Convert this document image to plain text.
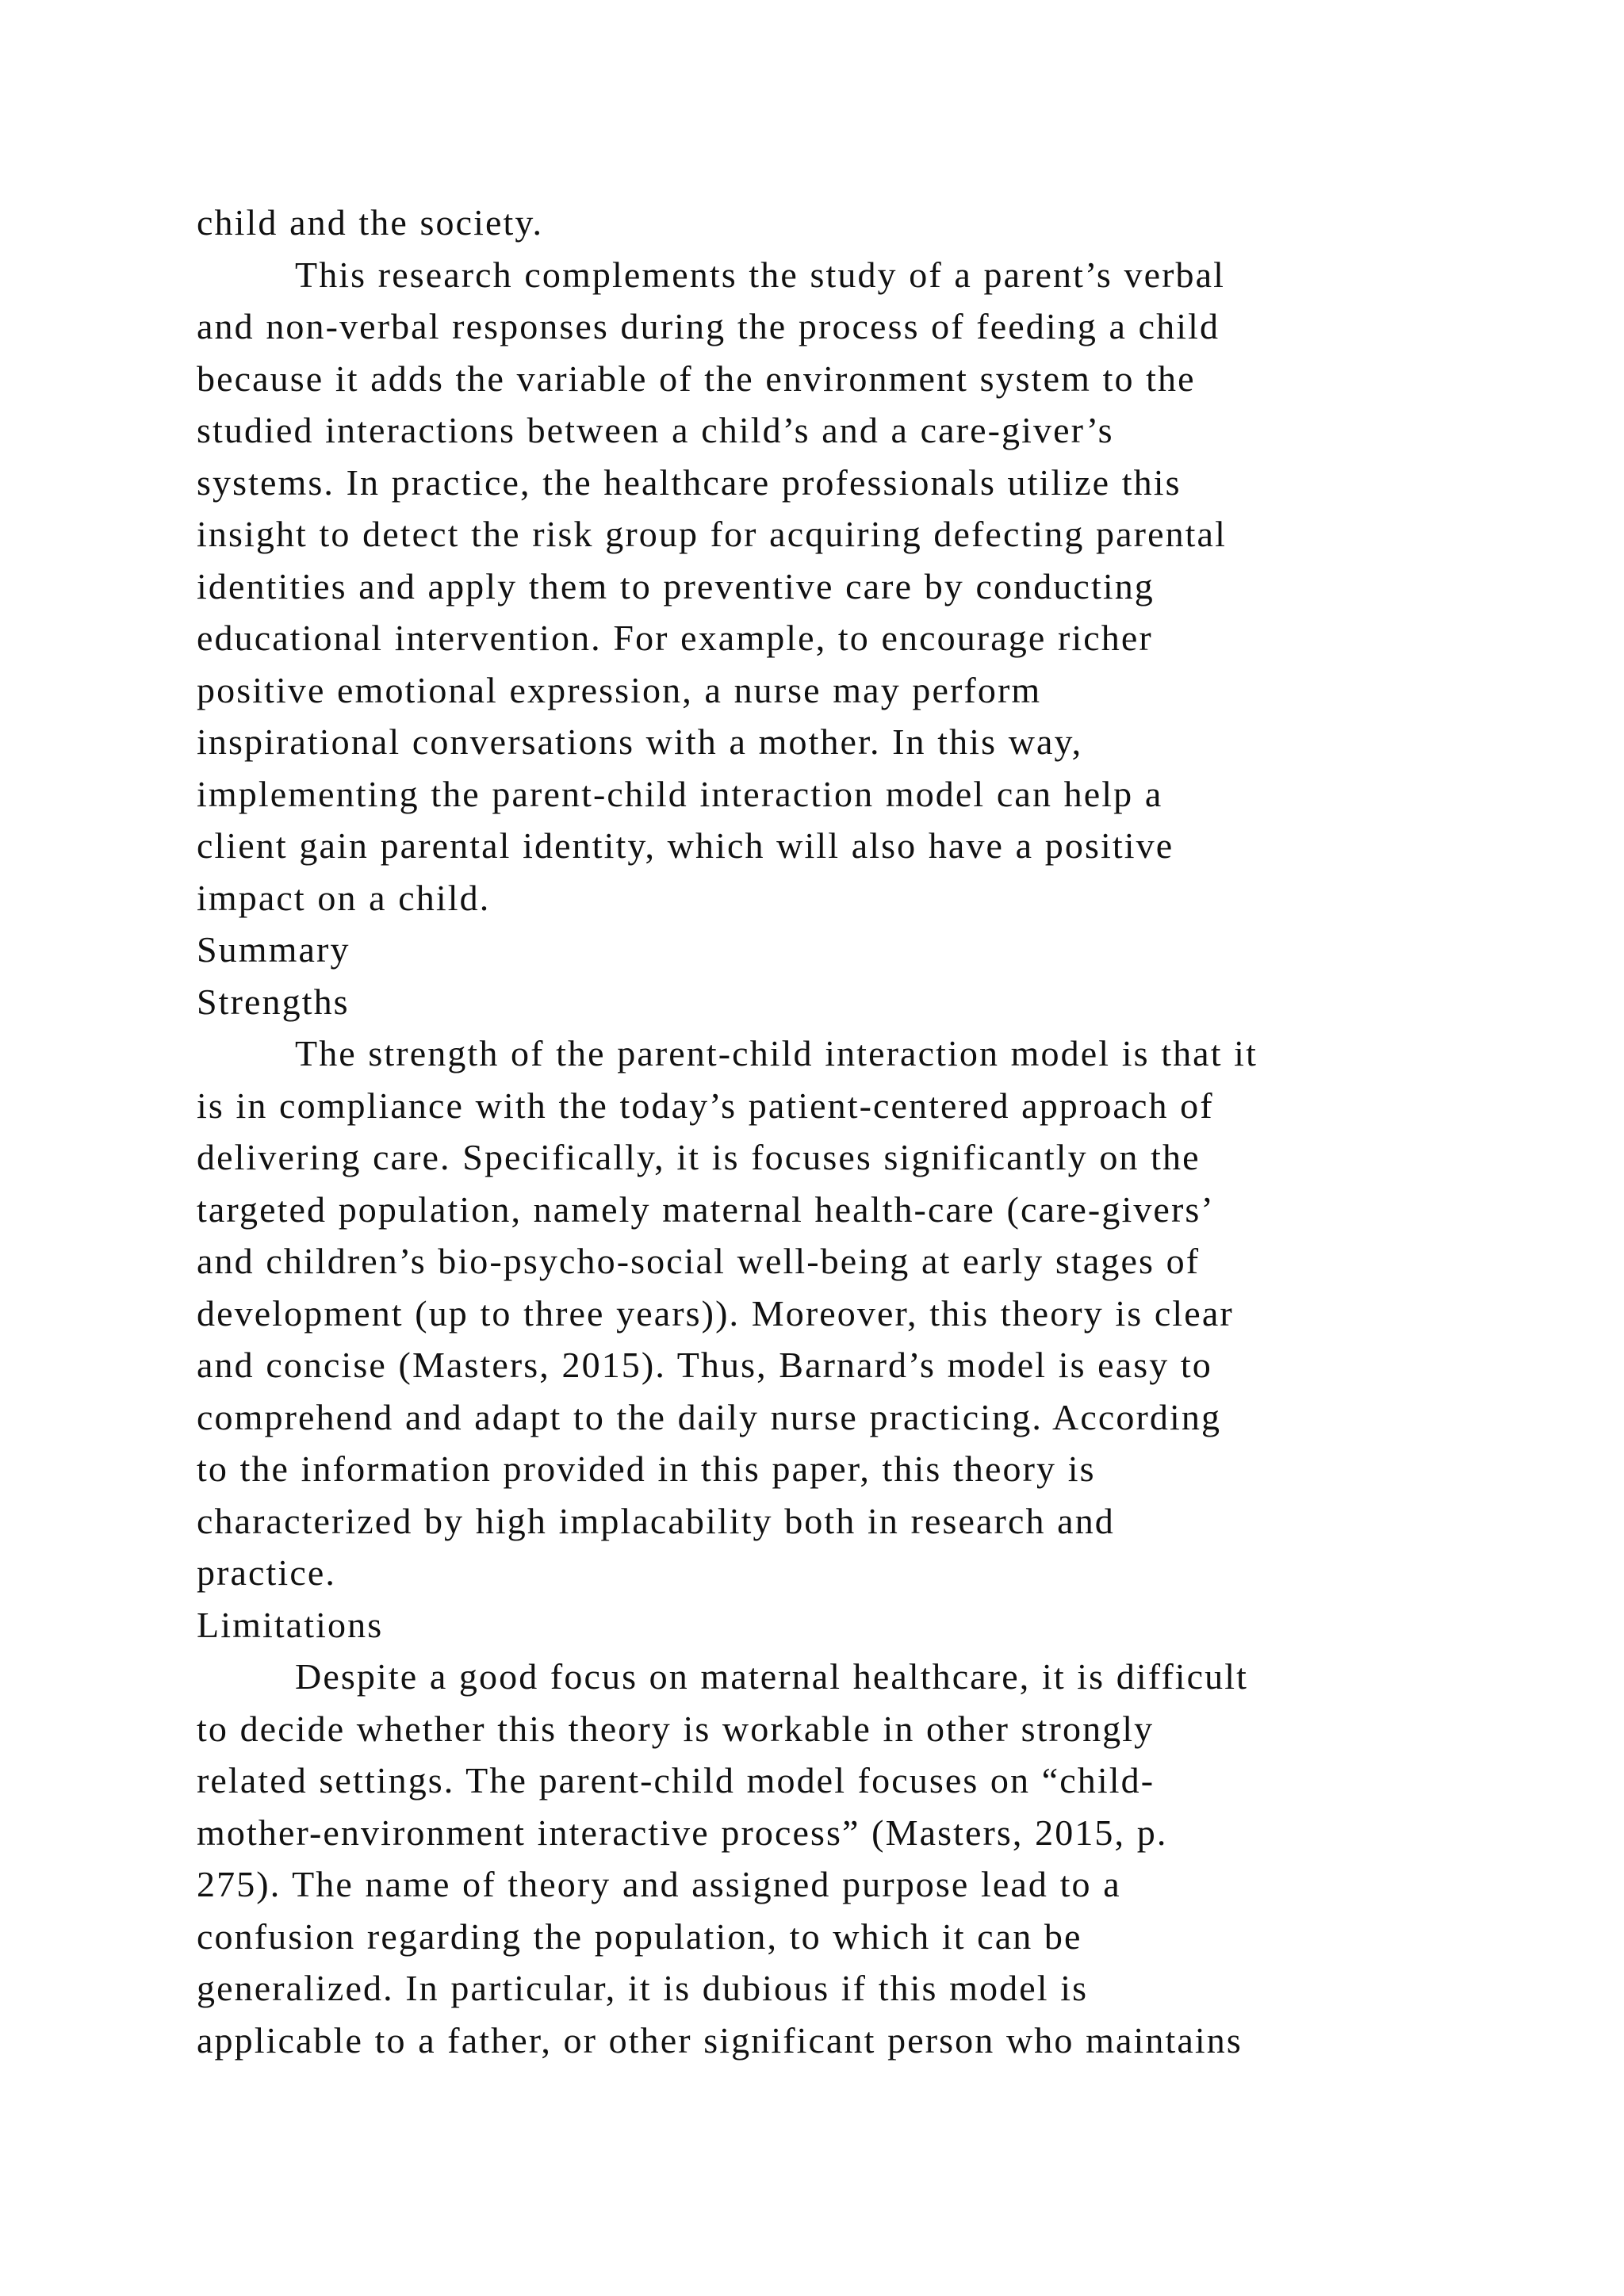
child and the society.
This research complements the study of a parent’s verbal
and non-verbal responses during the process of feeding a child
because it adds the variable of the environment system to the
studied interactions between a child’s and a care-giver’s
systems. In practice, the healthcare professionals utilize this
insight to detect the risk group for acquiring defecting parental
identities and apply them to preventive care by conducting
educational intervention. For example, to encourage richer
positive emotional expression, a nurse may perform
inspirational conversations with a mother. In this way,
implementing the parent-child interaction model can help a
client gain parental identity, which will also have a positive
impact on a child.
Summary
Strengths
The strength of the parent-child interaction model is that it
is in compliance with the today’s patient-centered approach of
delivering care. Specifically, it is focuses significantly on the
targeted population, namely maternal health-care (care-givers’
and children’s bio-psycho-social well-being at early stages of
development (up to three years)). Moreover, this theory is clear
and concise (Masters, 2015). Thus, Barnard’s model is easy to
comprehend and adapt to the daily nurse practicing. According
to the information provided in this paper, this theory is
characterized by high implacability both in research and
practice.
Limitations
Despite a good focus on maternal healthcare, it is difficult
to decide whether this theory is workable in other strongly
related settings. The parent-child model focuses on “child-
mother-environment interactive process” (Masters, 2015, p.
275). The name of theory and assigned purpose lead to a
confusion regarding the population, to which it can be
generalized. In particular, it is dubious if this model is
applicable to a father, or other significant person who maintains
